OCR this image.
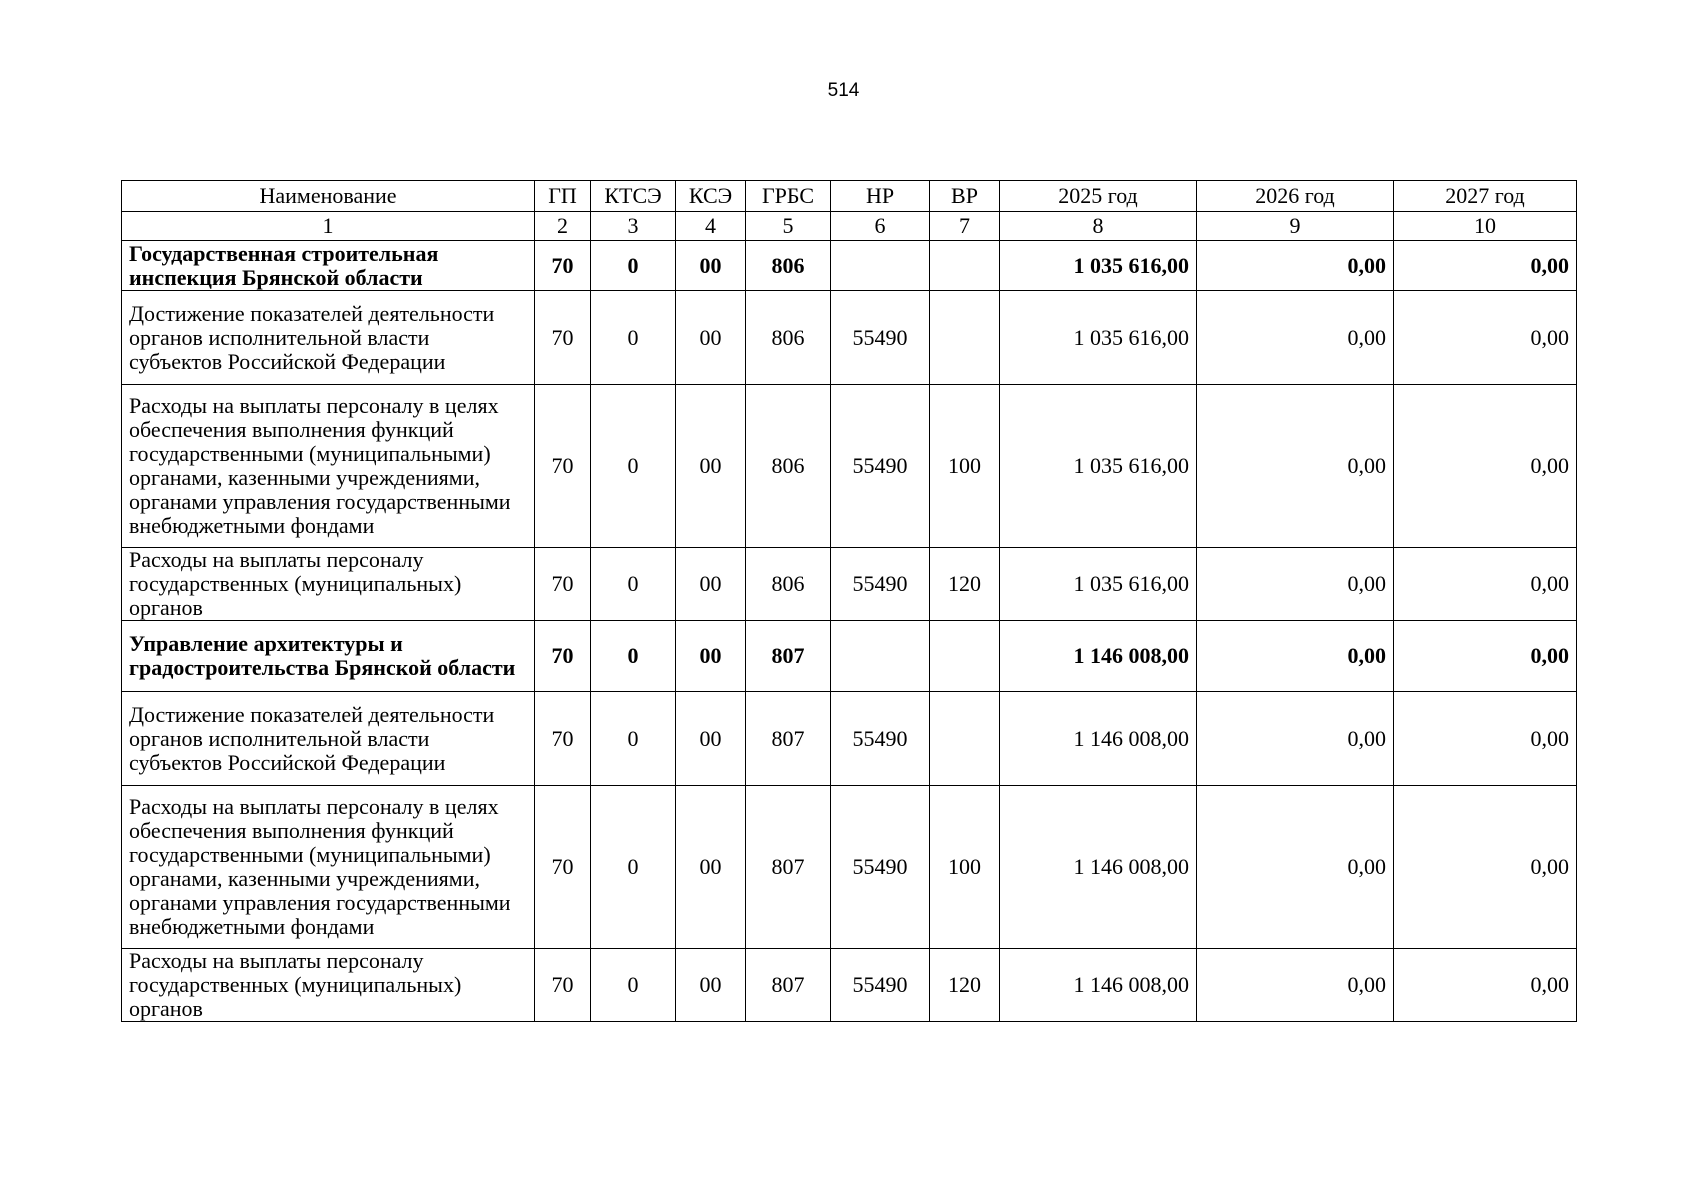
514
Наименование	ГП	КТСЭ	КСЭ	ГРБС	НР	ВР	2025 год	2026 год	2027 год
1	2	3	4	5	6	7	8	9	10
Государственная строительная инспекция Брянской области	70	0	00	806			1 035 616,00	0,00	0,00
Достижение показателей деятельности органов исполнительной власти субъектов Российской Федерации	70	0	00	806	55490		1 035 616,00	0,00	0,00
Расходы на выплаты персоналу в целях обеспечения выполнения функций государственными (муниципальными) органами, казенными учреждениями, органами управления государственными внебюджетными фондами	70	0	00	806	55490	100	1 035 616,00	0,00	0,00
Расходы на выплаты персоналу государственных (муниципальных) органов	70	0	00	806	55490	120	1 035 616,00	0,00	0,00
Управление архитектуры и градостроительства Брянской области	70	0	00	807			1 146 008,00	0,00	0,00
Достижение показателей деятельности органов исполнительной власти субъектов Российской Федерации	70	0	00	807	55490		1 146 008,00	0,00	0,00
Расходы на выплаты персоналу в целях обеспечения выполнения функций государственными (муниципальными) органами, казенными учреждениями, органами управления государственными внебюджетными фондами	70	0	00	807	55490	100	1 146 008,00	0,00	0,00
Расходы на выплаты персоналу государственных (муниципальных) органов	70	0	00	807	55490	120	1 146 008,00	0,00	0,00
